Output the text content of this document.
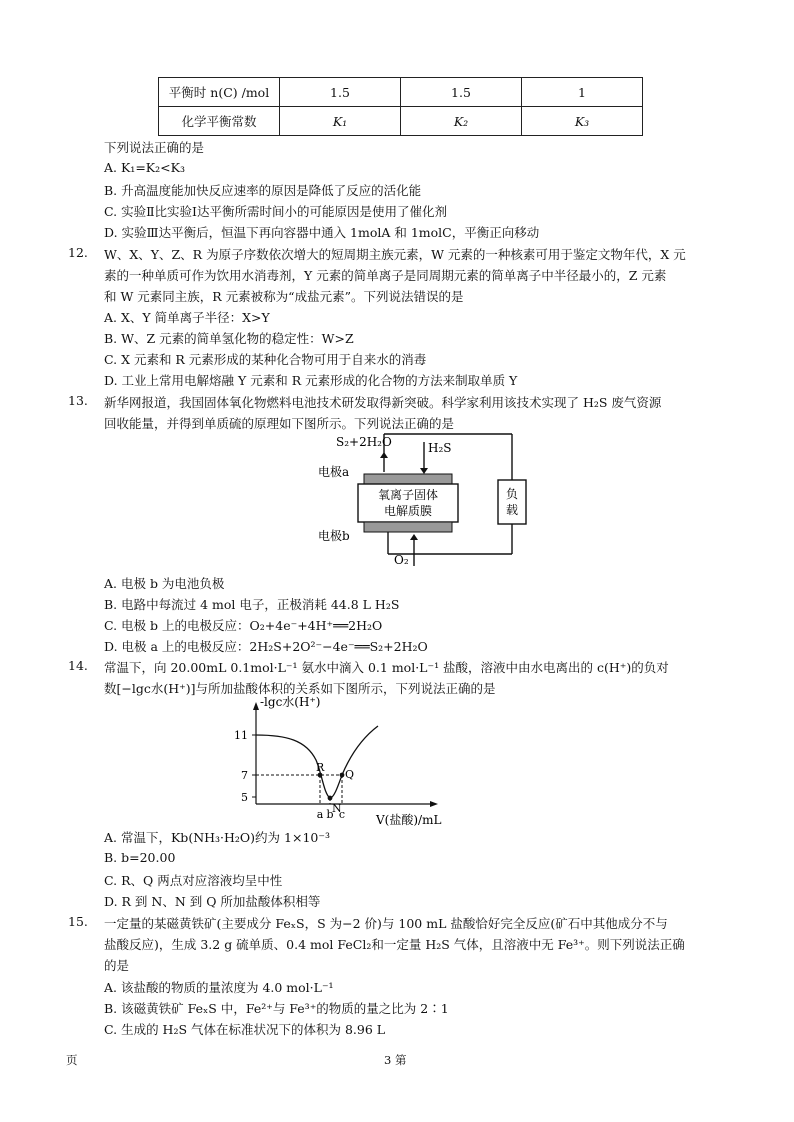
平衡时 n(C) /mol	1.5	1.5	1
化学平衡常数	K₁	K₂	K₃
下列说法正确的是
A. K₁=K₂<K₃
B. 升高温度能加快反应速率的原因是降低了反应的活化能
C. 实验Ⅱ比实验Ⅰ达平衡所需时间小的可能原因是使用了催化剂
D. 实验Ⅲ达平衡后，恒温下再向容器中通入 1molA 和 1molC，平衡正向移动
12. W、X、Y、Z、R 为原子序数依次增大的短周期主族元素，W 元素的一种核素可用于鉴定文物年代，X 元
素的一种单质可作为饮用水消毒剂，Y 元素的简单离子是同周期元素的简单离子中半径最小的，Z 元素
和 W 元素同主族，R 元素被称为“成盐元素”。下列说法错误的是
A. X、Y 简单离子半径：X>Y
B. W、Z 元素的简单氢化物的稳定性：W>Z
C. X 元素和 R 元素形成的某种化合物可用于自来水的消毒
D. 工业上常用电解熔融 Y 元素和 R 元素形成的化合物的方法来制取单质 Y
13. 新华网报道，我国固体氧化物燃料电池技术研发取得新突破。科学家利用该技术实现了 H₂S 废气资源
回收能量，并得到单质硫的原理如下图所示。下列说法正确的是
负
载
氧离子固体
电解质膜
S₂+2H₂O	H₂S
电极a
电极b
O₂
A. 电极 b 为电池负极
B. 电路中每流过 4 mol 电子，正极消耗 44.8 L H₂S
C. 电极 b 上的电极反应：O₂+4e⁻+4H⁺══2H₂O
D. 电极 a 上的电极反应：2H₂S+2O²⁻−4e⁻══S₂+2H₂O
14. 常温下，向 20.00mL 0.1mol·L⁻¹ 氨水中滴入 0.1 mol·L⁻¹ 盐酸，溶液中由水电离出的 c(H⁺)的负对
数[−lgc水(H⁺)]与所加盐酸体积的关系如下图所示，下列说法正确的是
-lgc水(H⁺)
V(盐酸)/mL
11
7
5
R
N
Q
a b c
A. 常温下，Kb(NH₃·H₂O)约为 1×10⁻³
B. b=20.00
C. R、Q 两点对应溶液均呈中性
D. R 到 N、N 到 Q 所加盐酸体积相等
15. 一定量的某磁黄铁矿(主要成分 FeₓS，S 为−2 价)与 100 mL 盐酸恰好完全反应(矿石中其他成分不与
盐酸反应)，生成 3.2 g 硫单质、0.4 mol FeCl₂和一定量 H₂S 气体，且溶液中无 Fe³⁺。则下列说法正确
的是
A. 该盐酸的物质的量浓度为 4.0 mol·L⁻¹
B. 该磁黄铁矿 FeₓS 中，Fe²⁺与 Fe³⁺的物质的量之比为 2∶1
C. 生成的 H₂S 气体在标准状况下的体积为 8.96 L
页	3 第
